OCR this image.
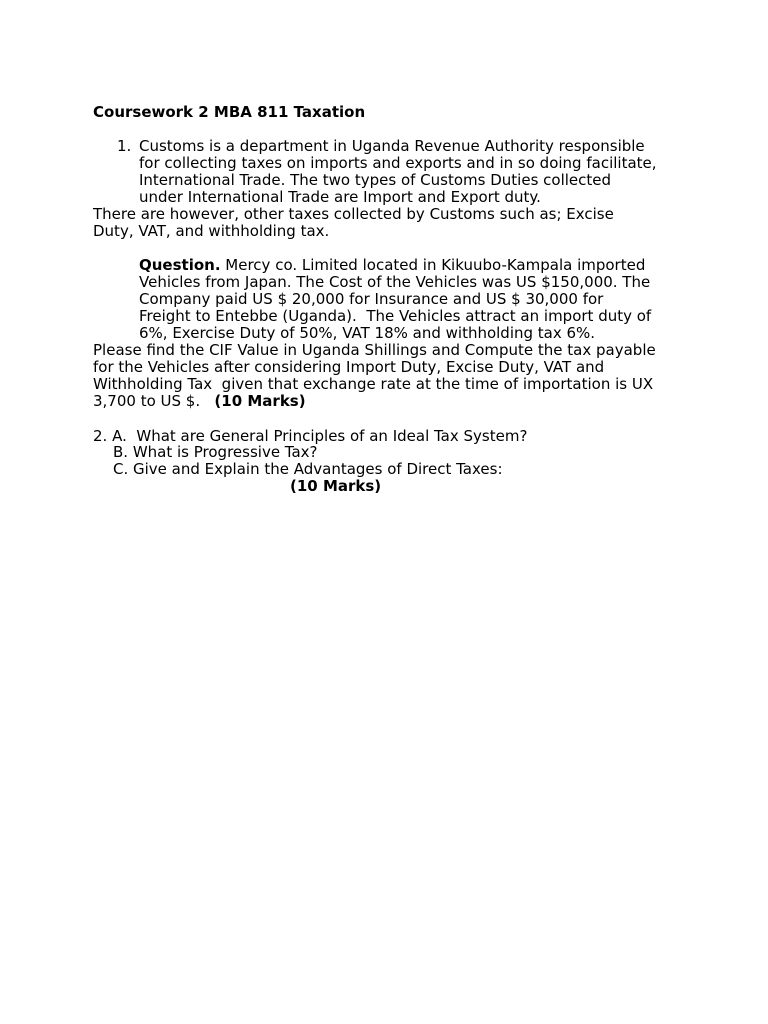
Coursework 2 MBA 811 Taxation
1. Customs is a department in Uganda Revenue Authority responsible
for collecting taxes on imports and exports and in so doing facilitate,
International Trade. The two types of Customs Duties collected
under International Trade are Import and Export duty.
There are however, other taxes collected by Customs such as; Excise
Duty, VAT, and withholding tax.
Question. Mercy co. Limited located in Kikuubo-Kampala imported
Vehicles from Japan. The Cost of the Vehicles was US $150,000. The
Company paid US $ 20,000 for Insurance and US $ 30,000 for
Freight to Entebbe (Uganda).  The Vehicles attract an import duty of
6%, Exercise Duty of 50%, VAT 18% and withholding tax 6%.
Please find the CIF Value in Uganda Shillings and Compute the tax payable
for the Vehicles after considering Import Duty, Excise Duty, VAT and
Withholding Tax  given that exchange rate at the time of importation is UX
3,700 to US $.   (10 Marks)
2. A.  What are General Principles of an Ideal Tax System?
B. What is Progressive Tax?
C. Give and Explain the Advantages of Direct Taxes:
(10 Marks)
